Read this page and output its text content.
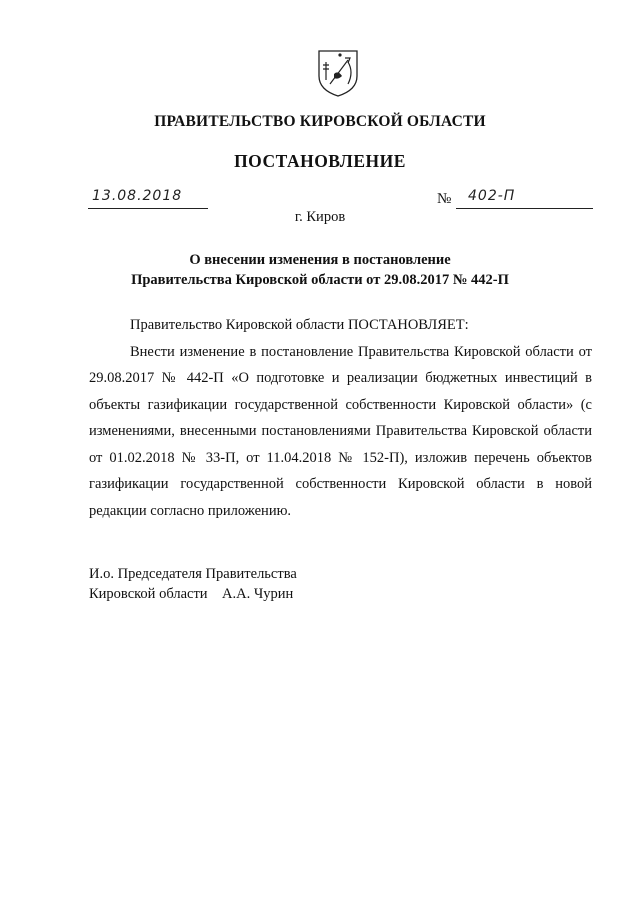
ПРАВИТЕЛЬСТВО КИРОВСКОЙ ОБЛАСТИ
ПОСТАНОВЛЕНИЕ
13.08.2018	№ 402-П
г. Киров
О внесении изменения в постановление
Правительства Кировской области от 29.08.2017 № 442-П

Правительство Кировской области ПОСТАНОВЛЯЕТ:

Внести изменение в постановление Правительства Кировской области от 29.08.2017 № 442-П «О подготовке и реализации бюджетных инвестиций в объекты газификации государственной собственности Кировской области» (с изменениями, внесенными постановлениями Правительства Кировской области от 01.02.2018 № 33-П, от 11.04.2018 № 152-П), изложив перечень объектов газификации государственной собственности Кировской области в новой редакции согласно приложению.

И.о. Председателя Правительства
Кировской области    А.А. Чурин
